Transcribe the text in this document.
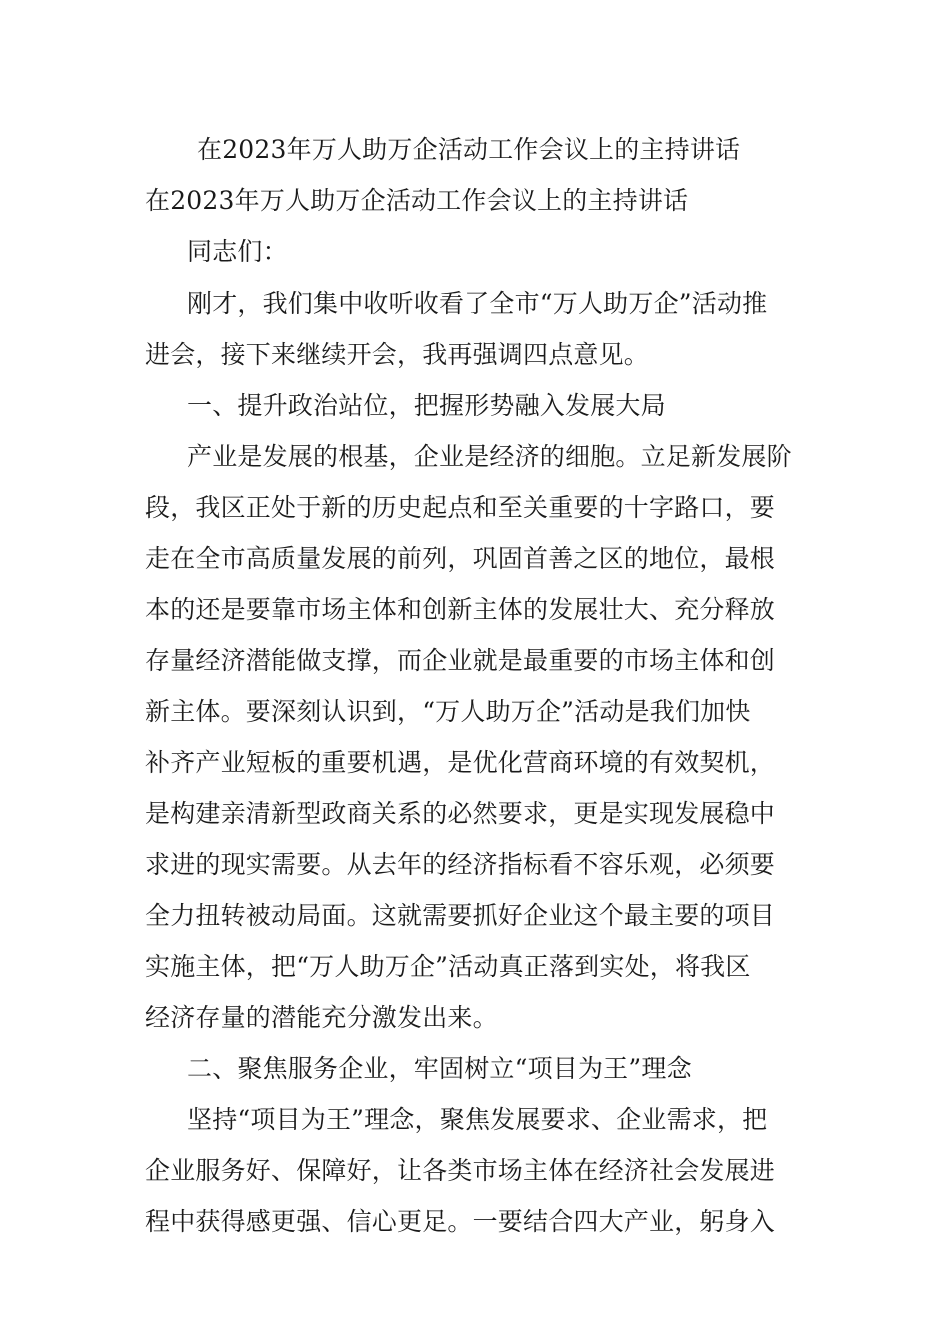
在2023年万人助万企活动工作会议上的主持讲话
在2023年万人助万企活动工作会议上的主持讲话
同志们：
刚才，我们集中收听收看了全市“万人助万企”活动推
进会，接下来继续开会，我再强调四点意见。
一、提升政治站位，把握形势融入发展大局
产业是发展的根基，企业是经济的细胞。立足新发展阶
段，我区正处于新的历史起点和至关重要的十字路口，要
走在全市高质量发展的前列，巩固首善之区的地位，最根
本的还是要靠市场主体和创新主体的发展壮大、充分释放
存量经济潜能做支撑，而企业就是最重要的市场主体和创
新主体。要深刻认识到，“万人助万企”活动是我们加快
补齐产业短板的重要机遇，是优化营商环境的有效契机，
是构建亲清新型政商关系的必然要求，更是实现发展稳中
求进的现实需要。从去年的经济指标看不容乐观，必须要
全力扭转被动局面。这就需要抓好企业这个最主要的项目
实施主体，把“万人助万企”活动真正落到实处，将我区
经济存量的潜能充分激发出来。
二、聚焦服务企业，牢固树立“项目为王”理念
坚持“项目为王”理念，聚焦发展要求、企业需求，把
企业服务好、保障好，让各类市场主体在经济社会发展进
程中获得感更强、信心更足。一要结合四大产业，躬身入
